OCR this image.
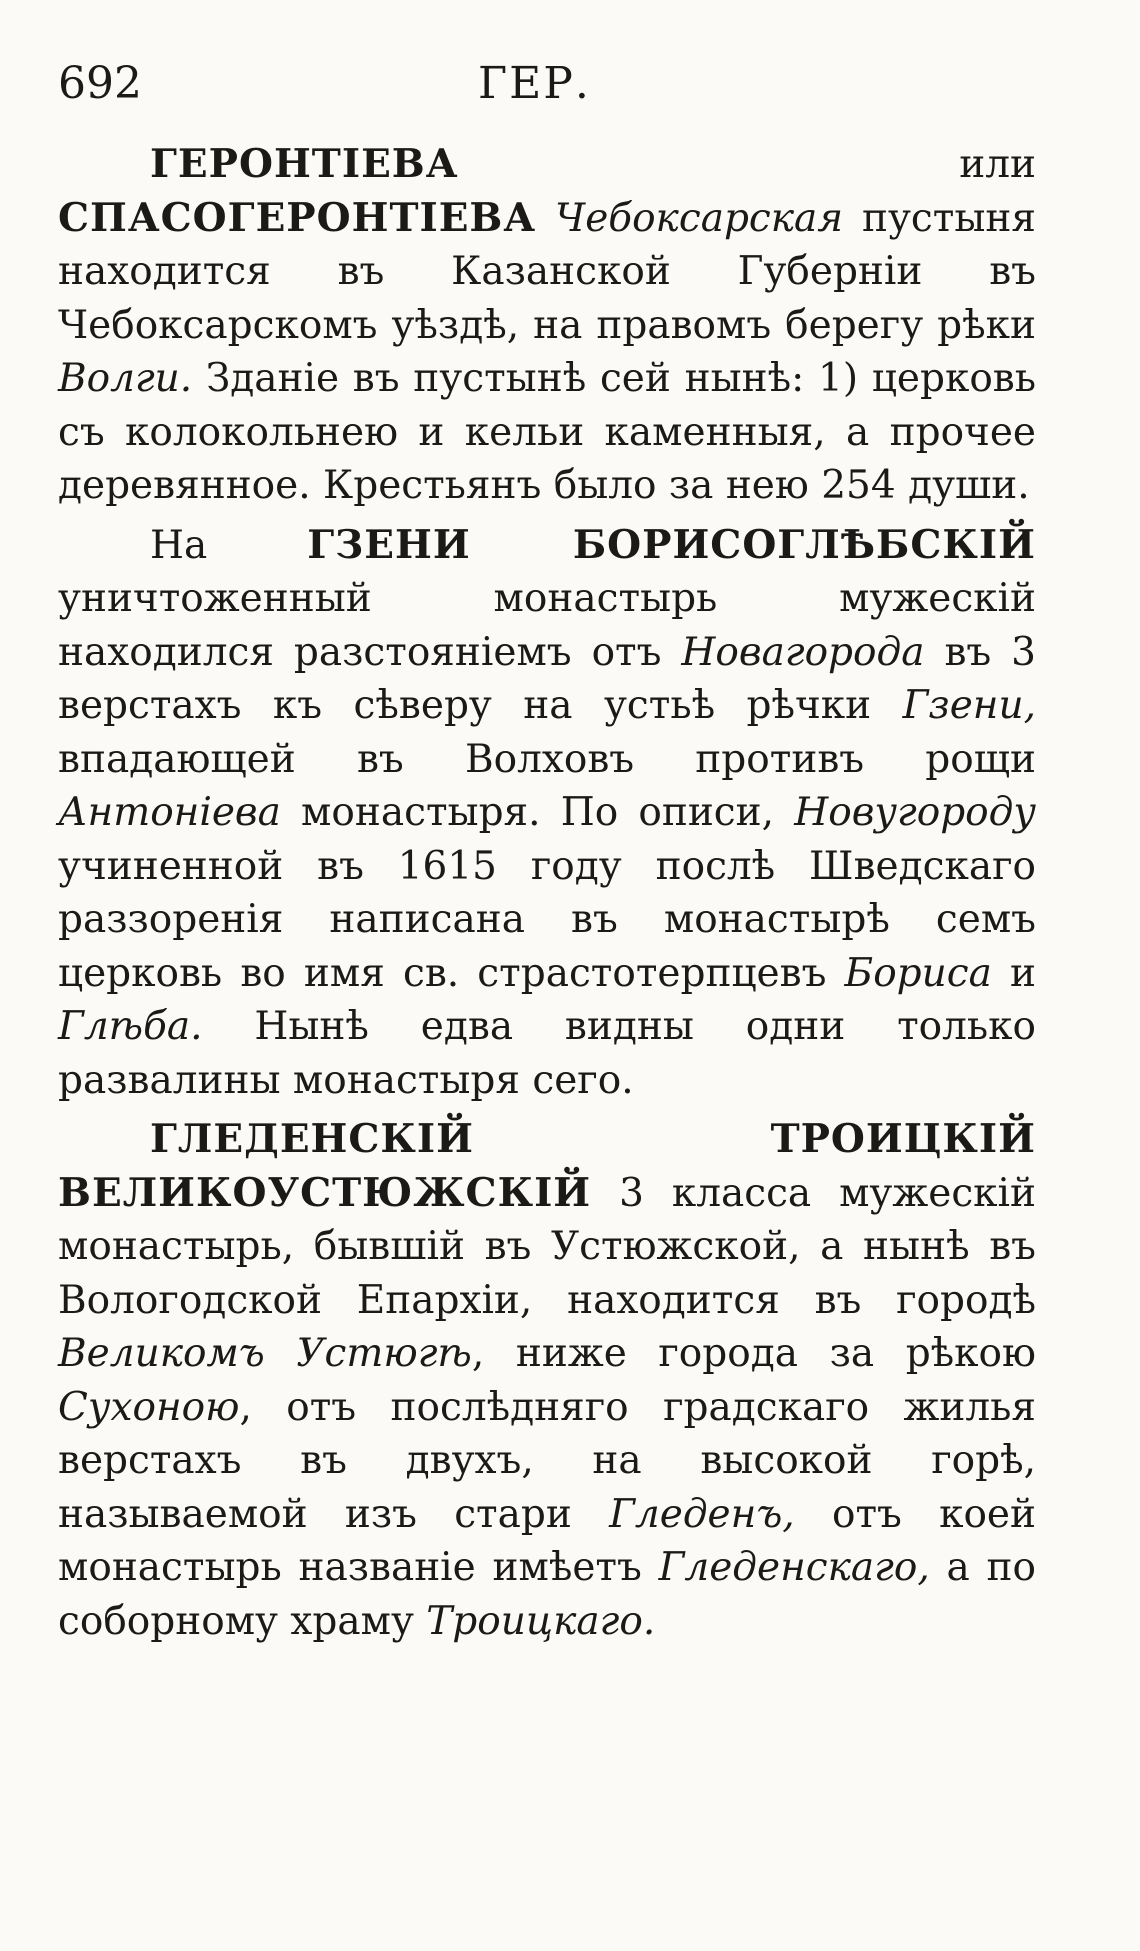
692	ГЕР.

ГЕРОНТІЕВА или СПАСОГЕРОНТІЕВА Чебоксарская пустыня находится въ Казанской Губерніи въ Чебоксарскомъ уѣздѣ, на правомъ берегу рѣки Волги. Зданіе въ пустынѣ сей нынѣ: 1) церковь съ колокольнею и кельи каменныя, а прочее деревянное. Крестьянъ было за нею 254 души.

На ГЗЕНИ БОРИСОГЛѢБСКІЙ уничтоженный монастырь мужескій находился разстояніемъ отъ Новагорода въ 3 верстахъ къ сѣверу на устьѣ рѣчки Гзени, впадающей въ Волховъ противъ рощи Антоніева монастыря. По описи, Новугороду учиненной въ 1615 году послѣ Шведскаго раззоренія написана въ монастырѣ семъ церковь во имя св. страстотерпцевъ Бориса и Глѣба. Нынѣ едва видны одни только развалины монастыря сего.

ГЛЕДЕНСКІЙ ТРОИЦКІЙ ВЕЛИКОУСТЮЖСКІЙ 3 класса мужескій монастырь, бывшій въ Устюжской, а нынѣ въ Вологодской Епархіи, находится въ городѣ Великомъ Устюгѣ, ниже города за рѣкою Сухоною, отъ послѣдняго градскаго жилья верстахъ въ двухъ, на высокой горѣ, называемой изъ стари Гледенъ, отъ коей монастырь названіе имѣетъ Гледенскаго, а по соборному храму Троицкаго.
